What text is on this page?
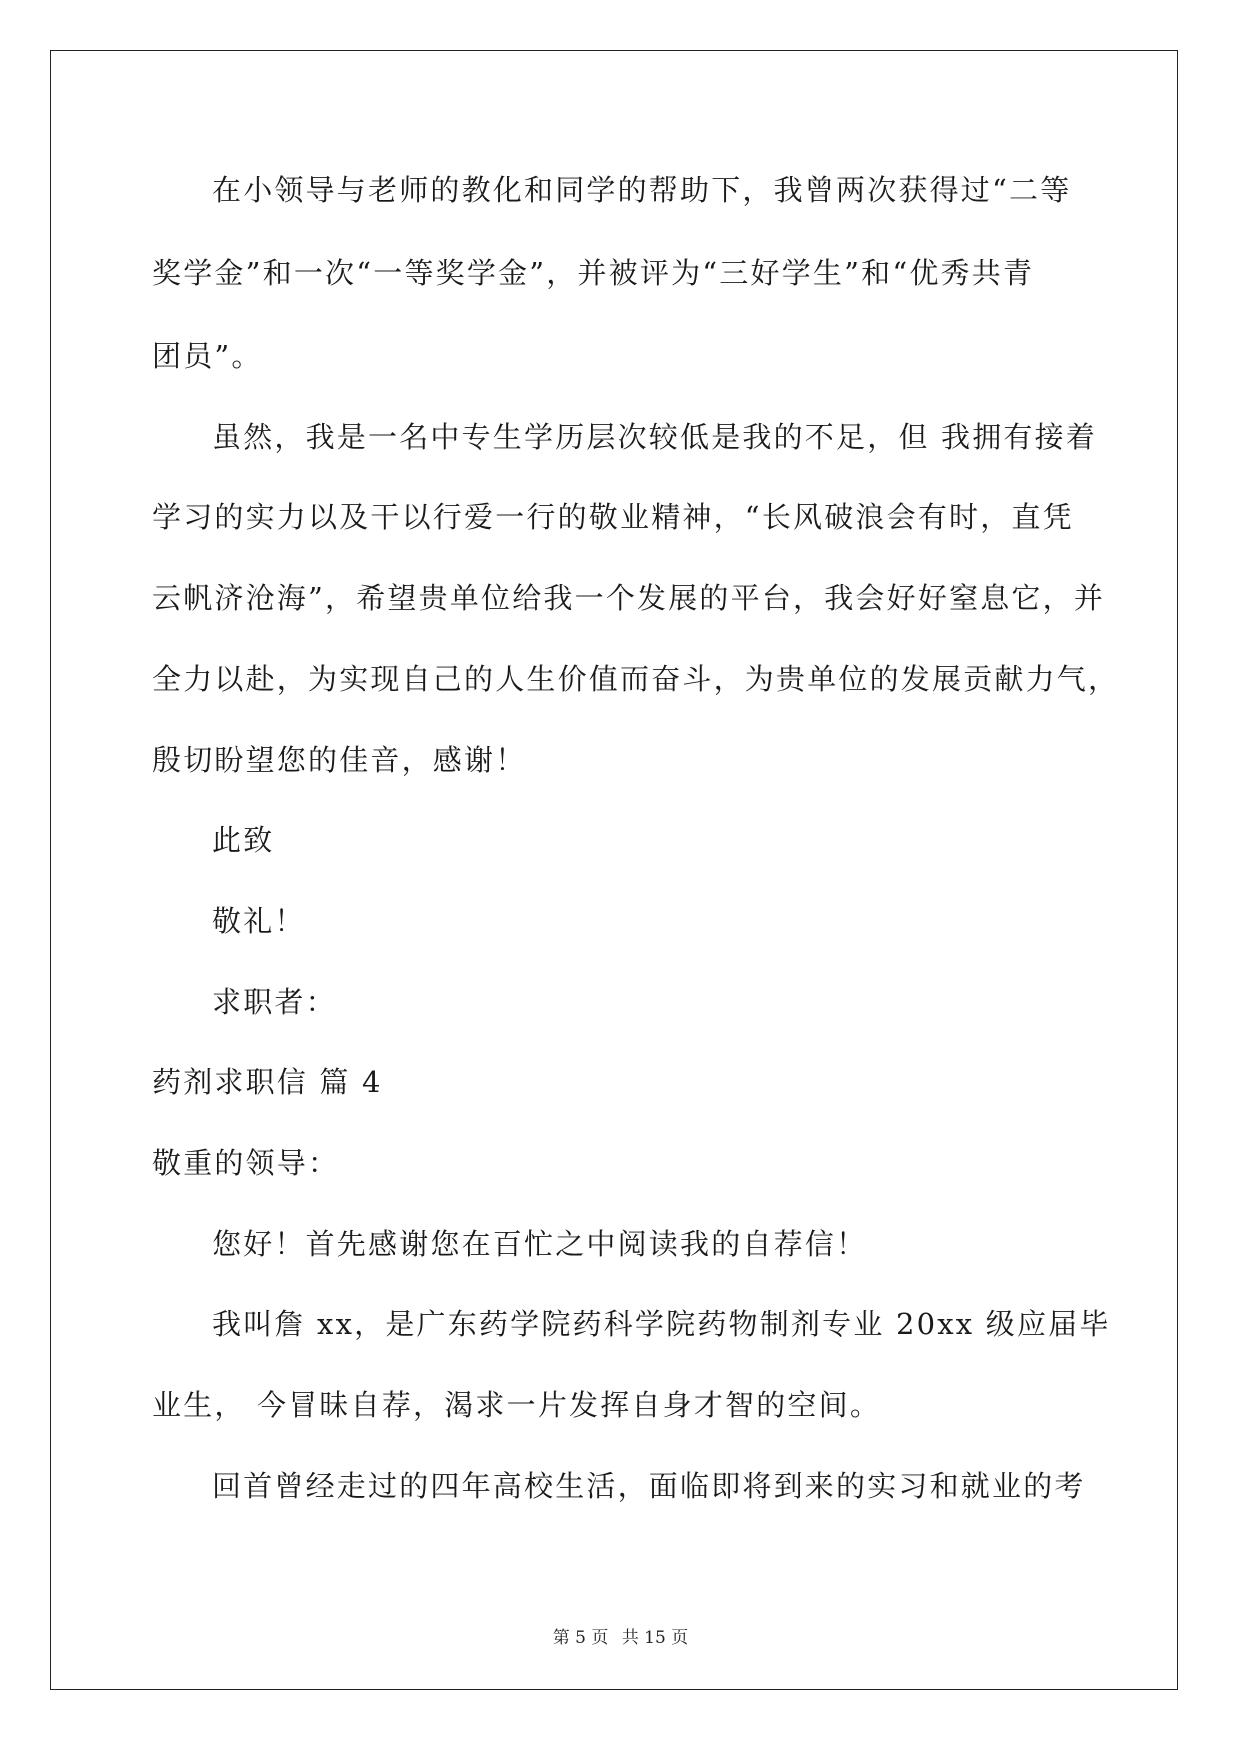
在小领导与老师的教化和同学的帮助下，我曾两次获得过“二等
奖学金”和一次“一等奖学金”，并被评为“三好学生”和“优秀共青
团员”。
虽然，我是一名中专生学历层次较低是我的不足，但 我拥有接着
学习的实力以及干以行爱一行的敬业精神，“长风破浪会有时，直凭
云帆济沧海”，希望贵单位给我一个发展的平台，我会好好窒息它，并
全力以赴，为实现自己的人生价值而奋斗，为贵单位的发展贡献力气，
殷切盼望您的佳音，感谢！
此致
敬礼！
求职者：
药剂求职信 篇 4
敬重的领导：
您好！首先感谢您在百忙之中阅读我的自荐信！
我叫詹 xx，是广东药学院药科学院药物制剂专业 20xx 级应届毕
业生， 今冒昧自荐，渴求一片发挥自身才智的空间。
回首曾经走过的四年高校生活，面临即将到来的实习和就业的考
第 5 页 共 15 页
